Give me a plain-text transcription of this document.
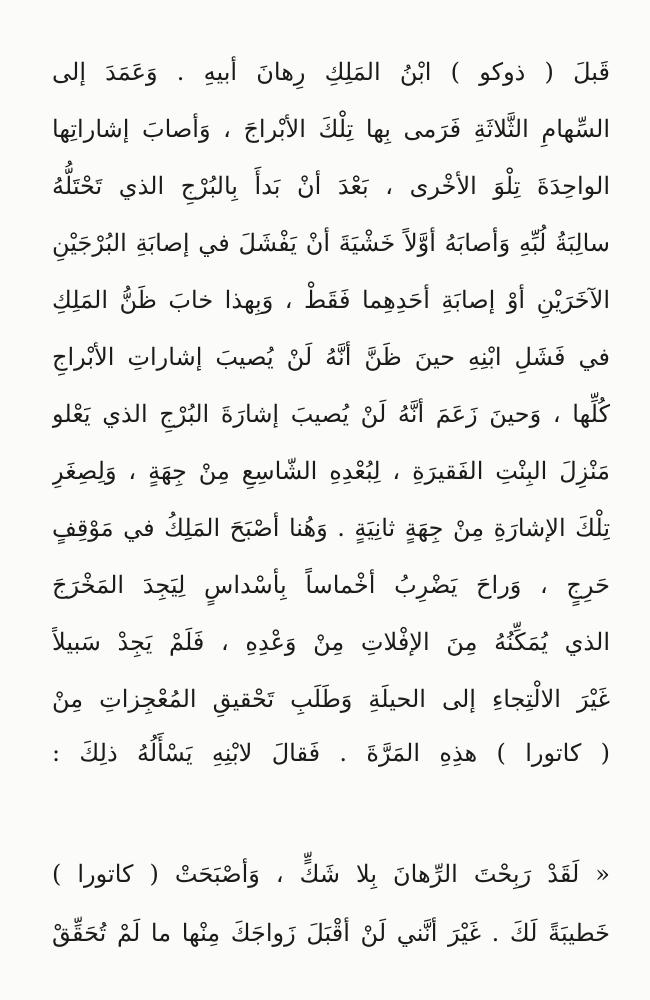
قَبلَ ( ذوكو ) ابْنُ المَلِكِ رِهانَ أبيهِ . وَعَمَدَ إلى
السِّهامِ الثَّلاثَةِ فَرَمى بِها تِلْكَ الأبْراجَ ، وَأصابَ إشاراتِها
الواحِدَةَ تِلْوَ الأخْرى ، بَعْدَ أنْ بَدأَ بِالبُرْجِ الذي تَحْتَلُّهُ
سالِبَةُ لُبِّهِ وَأصابَهُ أوَّلاً خَشْيَةَ أنْ يَفْشَلَ في إصابَةِ البُرْجَيْنِ
الآخَرَيْنِ أوْ إصابَةِ أحَدِهِما فَقَطْ ، وَبِهذا خابَ ظَنُّ المَلِكِ
في فَشَلِ ابْنِهِ حينَ ظَنَّ أنَّهُ لَنْ يُصيبَ إشاراتِ الأبْراجِ
كُلِّها ، وَحينَ زَعَمَ أنَّهُ لَنْ يُصيبَ إشارَةَ البُرْجِ الذي يَعْلو
مَنْزِلَ البِنْتِ الفَقيرَةِ ، لِبُعْدِهِ الشّاسِعِ مِنْ جِهَةٍ ، وَلِصِغَرِ
تِلْكَ الإشارَةِ مِنْ جِهَةٍ ثانِيَةٍ . وَهُنا أصْبَحَ المَلِكُ في مَوْقِفٍ
حَرِجٍ ، وَراحَ يَضْرِبُ أخْماساً بِأسْداسٍ لِيَجِدَ المَخْرَجَ
الذي يُمَكِّنُهُ مِنَ الإفْلاتِ مِنْ وَعْدِهِ ، فَلَمْ يَجِدْ سَبيلاً
غَيْرَ الالْتِجاءِ إلى الحيلَةِ وَطَلَبِ تَحْقيقِ المُعْجِزاتِ مِنْ
( كاتورا ) هذِهِ المَرَّةَ . فَقالَ لابْنِهِ يَسْأَلُهُ ذلِكَ :
« لَقَدْ رَبِحْتَ الرِّهانَ بِلا شَكٍّ ، وَأصْبَحَتْ ( كاتورا )
خَطيبَةً لَكَ . غَيْرَ أنَّني لَنْ أقْبَلَ زَواجَكَ مِنْها ما لَمْ تُحَقِّقْ
